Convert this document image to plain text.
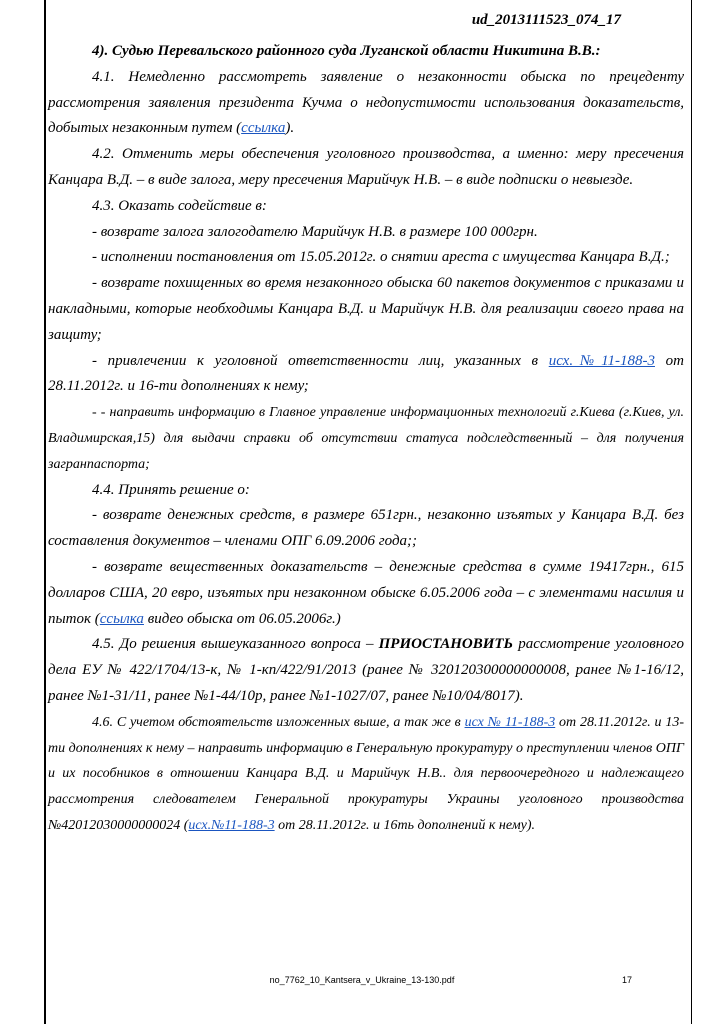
ud_2013111523_074_17

4). Судью Перевальского районного суда Луганской области Никитина В.В.:

4.1. Немедленно рассмотреть заявление о незаконности обыска по прецеденту рассмотрения заявления президента Кучма о недопустимости использования доказательств, добытых незаконным путем (ссылка).

4.2. Отменить меры обеспечения уголовного производства, а именно: меру пресечения Канцара В.Д. – в виде залога, меру пресечения Марийчук Н.В. – в виде подписки о невыезде.

4.3. Оказать содействие в:

- возврате залога залогодателю Марийчук Н.В. в размере 100 000грн.

- исполнении постановления от 15.05.2012г. о снятии ареста с имущества Канцара В.Д.;

- возврате похищенных во время незаконного обыска 60 пакетов документов с приказами и накладными, которые необходимы Канцара В.Д. и Марийчук Н.В. для реализации своего права на защиту;

- привлечении к уголовной ответственности лиц, указанных в исх.№11-188-3 от 28.11.2012г. и 16-ти дополнениях к нему;

- - направить информацию в Главное управление информационных технологий г.Киева (г.Киев, ул. Владимирская,15) для выдачи справки об отсутствии статуса подследственный – для получения загранпаспорта;

4.4. Принять решение о:

- возврате денежных средств, в размере 651грн., незаконно изъятых у Канцара В.Д. без составления документов – членами ОПГ 6.09.2006 года;;

- возврате вещественных доказательств – денежные средства в сумме 19417грн., 615 долларов США, 20 евро, изъятых при незаконном обыске 6.05.2006 года – с элементами насилия и пыток (ссылка видео обыска от 06.05.2006г.)

4.5. До решения вышеуказанного вопроса – ПРИОСТАНОВИТЬ рассмотрение уголовного дела ЕУ № 422/1704/13-к, № 1-кп/422/91/2013 (ранее № 320120300000000008, ранее №1-16/12, ранее №1-31/11, ранее №1-44/10р, ранее №1-1027/07, ранее №10/04/8017).

4.6. С учетом обстоятельств изложенных выше, а так же в исх № 11-188-3 от 28.11.2012г. и 13-ти дополнениях к нему – направить информацию в Генеральную прокуратуру о преступлении членов ОПГ и их пособников в отношении Канцара В.Д. и Марийчук Н.В.. для первоочередного и надлежащего рассмотрения следователем Генеральной прокуратуры Украины уголовного производства №42012030000000024 (исх.№11-188-3 от 28.11.2012г. и 16ть дополнений к нему).

no_7762_10_Kantsera_v_Ukraine_13-130.pdf	17
